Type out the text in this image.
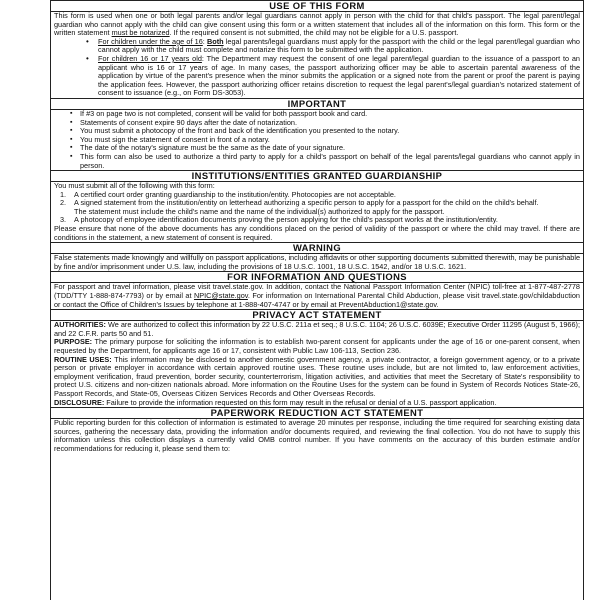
USE OF THIS FORM

This form is used when one or both legal parents and/or legal guardians cannot apply in person with the child for that child's passport. The legal parent/legal guardian who cannot apply with the child can give consent using this form or a written statement that includes all of the information on this form. This form or the written statement must be notarized. If the required consent is not submitted, the child may not be eligible for a U.S. passport.

• For children under the age of 16: Both legal parents/legal guardians must apply for the passport with the child or the legal parent/legal guardian who cannot apply with the child must complete and notarize this form to be submitted with the application.
• For children 16 or 17 years old: The Department may request the consent of one legal parent/legal guardian to the issuance of a passport to an applicant who is 16 or 17 years of age. In many cases, the passport authorizing officer may be able to ascertain parental awareness of the application by virtue of the parent's presence when the minor submits the application or a signed note from the parent or proof the parent is paying the application fees. However, the passport authorizing officer retains discretion to request the legal parent's/legal guardian's notarized statement of consent to issuance (e.g., on Form DS-3053).
IMPORTANT
▪ If #3 on page two is not completed, consent will be valid for both passport book and card.
▪ Statements of consent expire 90 days after the date of notarization.
▪ You must submit a photocopy of the front and back of the identification you presented to the notary.
▪ You must sign the statement of consent in front of a notary.
▪ The date of the notary's signature must be the same as the date of your signature.
▪ This form can also be used to authorize a third party to apply for a child's passport on behalf of the legal parents/legal guardians who cannot apply in person.
INSTITUTIONS/ENTITIES GRANTED GUARDIANSHIP

You must submit all of the following with this form:

1. A certified court order granting guardianship to the institution/entity. Photocopies are not acceptable.
2. A signed statement from the institution/entity on letterhead authorizing a specific person to apply for a passport for the child on the child's behalf.
The statement must include the child's name and the name of the individual(s) authorized to apply for the passport.
3. A photocopy of employee identification documents proving the person applying for the child's passport works at the institution/entity.

Please ensure that none of the above documents has any conditions placed on the period of validity of the passport or where the child may travel. If there are conditions in the statement, a new statement of consent is required.

WARNING

False statements made knowingly and willfully on passport applications, including affidavits or other supporting documents submitted therewith, may be punishable by fine and/or imprisonment under U.S. law, including the provisions of 18 U.S.C. 1001, 18 U.S.C. 1542, and/or 18 U.S.C. 1621.

FOR INFORMATION AND QUESTIONS

For passport and travel information, please visit travel.state.gov. In addition, contact the National Passport Information Center (NPIC) toll-free at 1-877-487-2778 (TDD/TTY 1-888-874-7793) or by email at NPIC@state.gov. For information on International Parental Child Abduction, please visit travel.state.gov/childabduction or contact the Office of Children's Issues by telephone at 1-888-407-4747 or by email at PreventAbduction1@state.gov.

PRIVACY ACT STATEMENT

AUTHORITIES: We are authorized to collect this information by 22 U.S.C. 211a et seq.; 8 U.S.C. 1104; 26 U.S.C. 6039E; Executive Order 11295 (August 5, 1966); and 22 C.F.R. parts 50 and 51.

PURPOSE: The primary purpose for soliciting the information is to establish two-parent consent for applicants under the age of 16 or one-parent consent, when requested by the Department, for applicants age 16 or 17, consistent with Public Law 106-113, Section 236.

ROUTINE USES: This information may be disclosed to another domestic government agency, a private contractor, a foreign government agency, or to a private person or private employer in accordance with certain approved routine uses. These routine uses include, but are not limited to, law enforcement activities, employment verification, fraud prevention, border security, counterterrorism, litigation activities, and activities that meet the Secretary of State's responsibility to protect U.S. citizens and non-citizen nationals abroad. More information on the Routine Uses for the system can be found in System of Records Notices State-26, Passport Records, and State-05, Overseas Citizen Services Records and Other Overseas Records.

DISCLOSURE: Failure to provide the information requested on this form may result in the refusal or denial of a U.S. passport application.

PAPERWORK REDUCTION ACT STATEMENT

Public reporting burden for this collection of information is estimated to average 20 minutes per response, including the time required for searching existing data sources, gathering the necessary data, providing the information and/or documents required, and reviewing the final collection. You do not have to supply this information unless this collection displays a currently valid OMB control number. If you have comments on the accuracy of this burden estimate and/or recommendations for reducing it, please send them to:
